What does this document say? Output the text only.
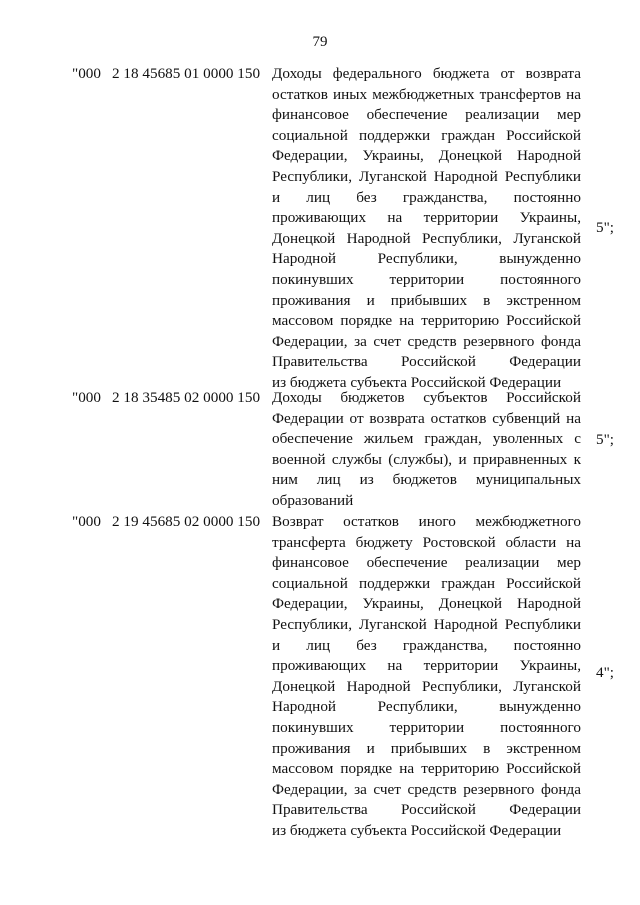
79
"000 2 18 45685 01 0000 150 Доходы федерального бюджета от возврата остатков иных межбюджетных трансфертов на финансовое обеспечение реализации мер социальной поддержки граждан Российской Федерации, Украины, Донецкой Народной Республики, Луганской Народной Республики и лиц без гражданства, постоянно проживающих на территории Украины, Донецкой Народной Республики, Луганской Народной Республики, вынужденно покинувших территории постоянного проживания и прибывших в экстренном массовом порядке на территорию Российской Федерации, за счет средств резервного фонда Правительства Российской Федерации
из бюджета субъекта Российской Федерации
5";
"000 2 18 35485 02 0000 150 Доходы бюджетов субъектов Российской Федерации от возврата остатков субвенций на обеспечение жильем граждан, уволенных с военной службы (службы), и приравненных к ним лиц из бюджетов муниципальных
образований
5";
"000 2 19 45685 02 0000 150 Возврат остатков иного межбюджетного трансферта бюджету Ростовской области на финансовое обеспечение реализации мер социальной поддержки граждан Российской Федерации, Украины, Донецкой Народной Республики, Луганской Народной Республики и лиц без гражданства, постоянно проживающих на территории Украины, Донецкой Народной Республики, Луганской Народной Республики, вынужденно покинувших территории постоянного проживания и прибывших в экстренном массовом порядке на территорию Российской Федерации, за счет средств резервного фонда Правительства Российской Федерации
из бюджета субъекта Российской Федерации
4";
